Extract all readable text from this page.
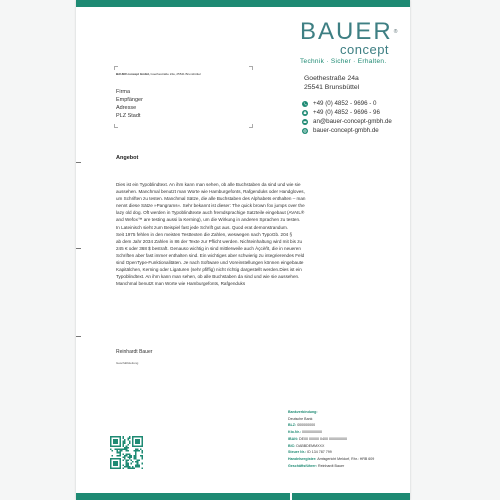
BAUER ®
concept
Technik · Sicher · Erhalten.
BAUER concept GmbH, Goethestraße 24a, 25541 Brunsbüttel
Firma
Empfänger
Adresse
PLZ Stadt
Goethestraße 24a
25541 Brunsbüttel
+49 (0) 4852 - 9696 - 0
+49 (0) 4852 - 9696 - 96
an@bauer-concept-gmbh.de
bauer-concept-gmbh.de
Angebot

Dies ist ein Typoblindtext. An ihm kann man sehen, ob alle Buchstaben da sind und wie sie

aussehen. Manchmal benutzt man Worte wie Hamburgefonts, Rafgenduks oder Handgloves,

um Schriften zu testen. Manchmal Sätze, die alle Buchstaben des Alphabets enthalten – man

nennt diese Sätze »Pangrams«. Sehr bekannt ist dieser: The quick brown fox jumps over the

lazy old dog. Oft werden in Typoblindtexte auch fremdsprachige Satzteile eingebaut (AVAIL®

and Wefox™ are testing aussi la Kerning), um die Wirkung in anderen Sprachen zu testen.

In Lateinisch sieht zum Beispiel fast jede Schrift gut aus. Quod erat demonstrandum.

Seit 1975 fehlen in den meisten Testtexten die Zahlen, weswegen nach TypoGb. 204 §

ab dem Jahr 2034 Zahlen in 86 der Texte zur Pflicht werden. Nichteinhaltung wird mit bis zu

245 € oder 368 $ bestraft. Genauso wichtig in sind mittlerweile auch Àçcèñt, die in neueren

Schriften aber fast immer enthalten sind. Ein wichtiges aber schwierig zu integrierendes Feld

sind OpenType-Funktionalitäten. Je nach Software und Voreinstellungen können eingebaute

Kapitälchen, Kerning oder Ligaturen (sehr pfiffig) nicht richtig dargestellt werden.Dies ist ein

Typoblindtext. An ihm kann man sehen, ob alle Buchstaben da sind und wie sie aussehen.

Manchmal benutzt man Worte wie Hamburgefonts, Rafgenduks

Reinhardt Bauer
Geschäftsleitung
Bankverbindung:
Deutsche Bank
BLZ: 000000000
Kto.Nr.: 0000000000
IBAN: DE00 00000 0400 000000000
BIC: DABBDEMMXXX
Steuer Nr.: ID 134 787 799
Handelsregister: Amtsgericht Meldorf, Rhr.: HRB 609
Geschäftsführer: Reinhardt Bauer
